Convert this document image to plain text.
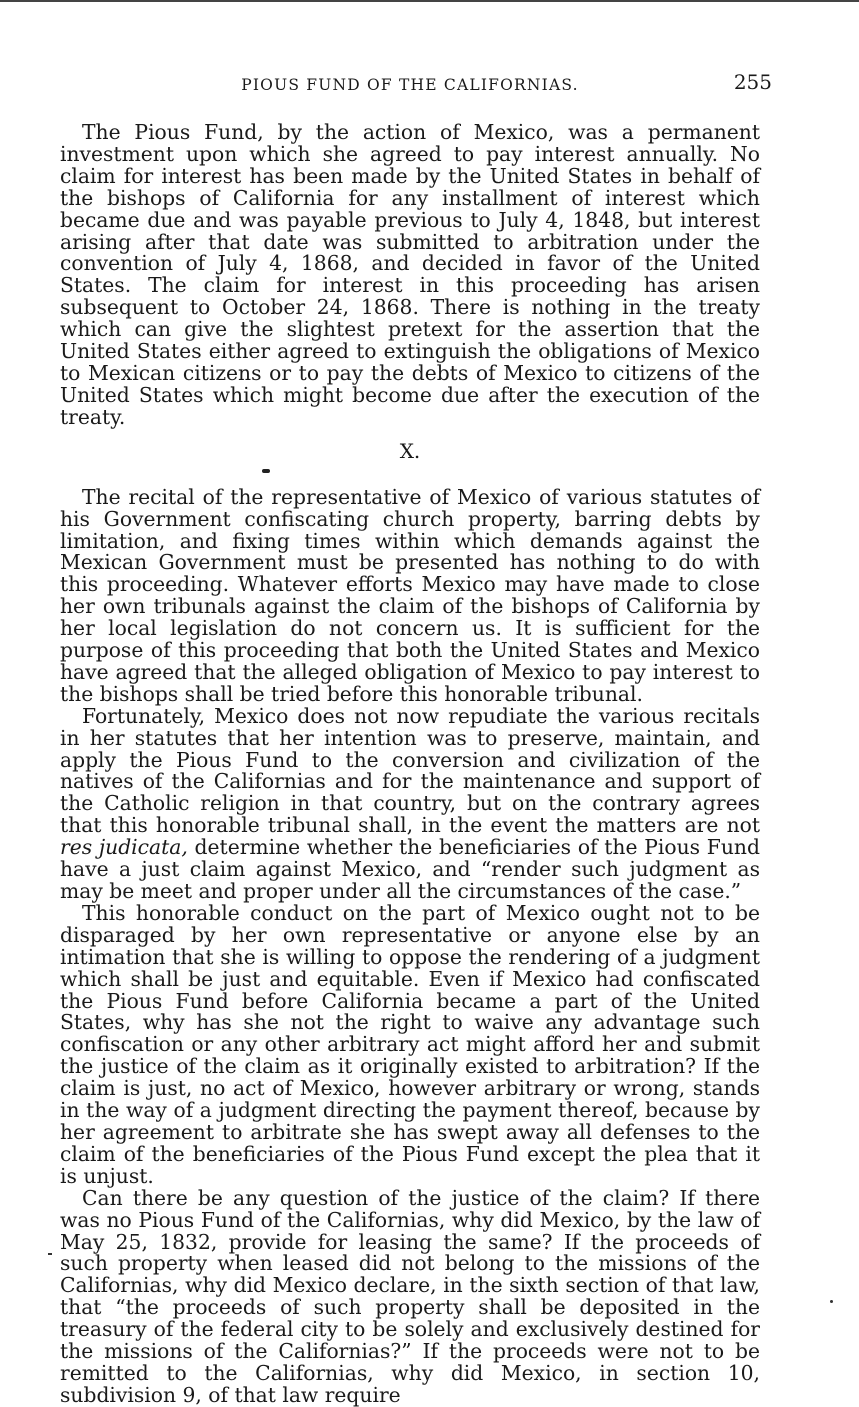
PIOUS FUND OF THE CALIFORNIAS.	255

The Pious Fund, by the action of Mexico, was a permanent investment upon which she agreed to pay interest annually. No claim for interest has been made by the United States in behalf of the bishops of California for any installment of interest which became due and was payable previous to July 4, 1848, but interest arising after that date was submitted to arbitration under the convention of July 4, 1868, and decided in favor of the United States. The claim for interest in this proceeding has arisen subsequent to October 24, 1868. There is nothing in the treaty which can give the slightest pretext for the assertion that the United States either agreed to extinguish the obligations of Mexico to Mexican citizens or to pay the debts of Mexico to citizens of the United States which might become due after the execution of the treaty.

X.

The recital of the representative of Mexico of various statutes of his Government confiscating church property, barring debts by limitation, and fixing times within which demands against the Mexican Government must be presented has nothing to do with this proceeding. Whatever efforts Mexico may have made to close her own tribunals against the claim of the bishops of California by her local legislation do not concern us. It is sufficient for the purpose of this proceeding that both the United States and Mexico have agreed that the alleged obligation of Mexico to pay interest to the bishops shall be tried before this honorable tribunal.

Fortunately, Mexico does not now repudiate the various recitals in her statutes that her intention was to preserve, maintain, and apply the Pious Fund to the conversion and civilization of the natives of the Californias and for the maintenance and support of the Catholic religion in that country, but on the contrary agrees that this honorable tribunal shall, in the event the matters are not res judicata, determine whether the beneficiaries of the Pious Fund have a just claim against Mexico, and “render such judgment as may be meet and proper under all the circumstances of the case.”

This honorable conduct on the part of Mexico ought not to be disparaged by her own representative or anyone else by an intimation that she is willing to oppose the rendering of a judgment which shall be just and equitable. Even if Mexico had confiscated the Pious Fund before California became a part of the United States, why has she not the right to waive any advantage such confiscation or any other arbitrary act might afford her and submit the justice of the claim as it originally existed to arbitration? If the claim is just, no act of Mexico, however arbitrary or wrong, stands in the way of a judgment directing the payment thereof, because by her agreement to arbitrate she has swept away all defenses to the claim of the beneficiaries of the Pious Fund except the plea that it is unjust.

Can there be any question of the justice of the claim? If there was no Pious Fund of the Californias, why did Mexico, by the law of May 25, 1832, provide for leasing the same? If the proceeds of such property when leased did not belong to the missions of the Californias, why did Mexico declare, in the sixth section of that law, that “the proceeds of such property shall be deposited in the treasury of the federal city to be solely and exclusively destined for the missions of the Californias?” If the proceeds were not to be remitted to the Californias, why did Mexico, in section 10, subdivision 9, of that law require
